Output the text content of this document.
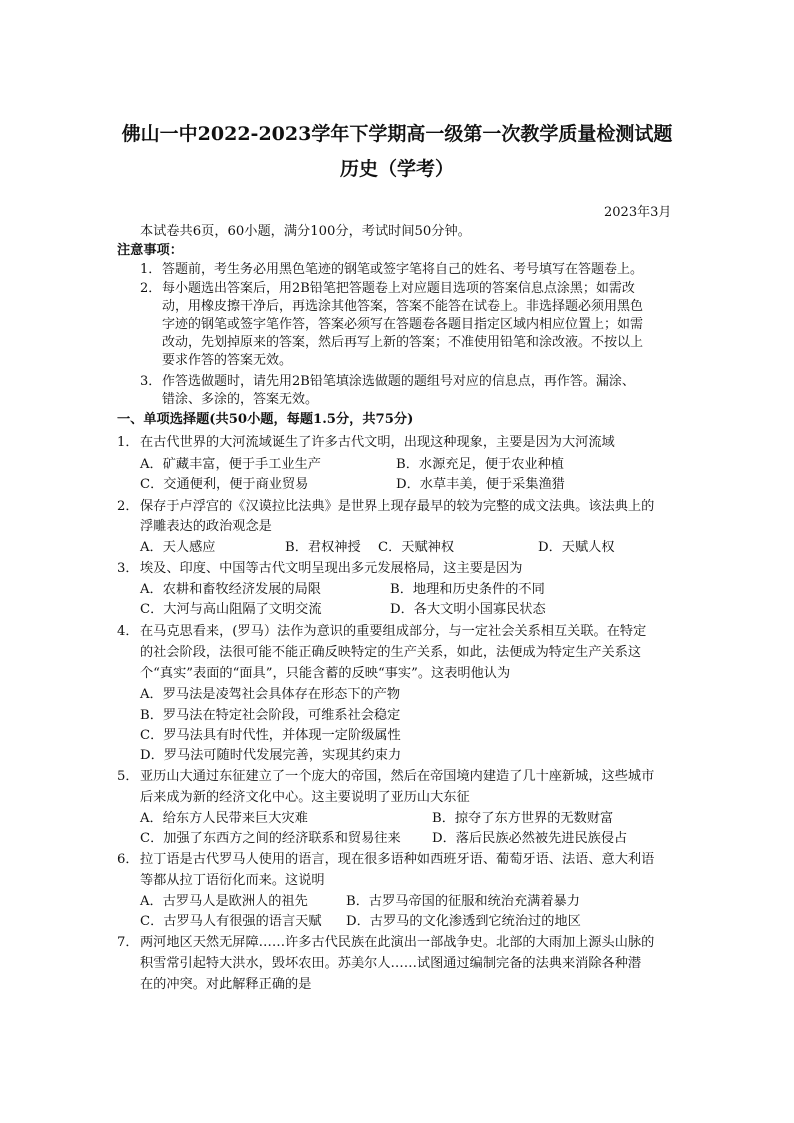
佛山一中2022-2023学年下学期高一级第一次教学质量检测试题
历史（学考）
2023年3月
本试卷共6页，60小题，满分100分，考试时间50分钟。
注意事项：
1． 答题前，考生务必用黑色笔迹的钢笔或签字笔将自己的姓名、考号填写在答题卷上。
2． 每小题选出答案后，用2B铅笔把答题卷上对应题目选项的答案信息点涂黑；如需改
动，用橡皮擦干净后，再选涂其他答案，答案不能答在试卷上。非选择题必须用黑色
字迹的钢笔或签字笔作答，答案必须写在答题卷各题目指定区域内相应位置上；如需
改动，先划掉原来的答案，然后再写上新的答案；不准使用铅笔和涂改液。不按以上
要求作答的答案无效。
3． 作答选做题时，请先用2B铅笔填涂选做题的题组号对应的信息点，再作答。漏涂、
错涂、多涂的，答案无效。
一、单项选择题(共50小题，每题1.5分，共75分)
1． 在古代世界的大河流域诞生了许多古代文明，出现这种现象，主要是因为大河流域
A．矿藏丰富，便于手工业生产	B．水源充足，便于农业种植
C．交通便利，便于商业贸易	D．水草丰美，便于采集渔猎
2． 保存于卢浮宫的《汉谟拉比法典》是世界上现存最早的较为完整的成文法典。该法典上的
浮雕表达的政治观念是
A．天人感应	B．君权神授 C．天赋神权	D．天赋人权
3． 埃及、印度、中国等古代文明呈现出多元发展格局，这主要是因为
A．农耕和畜牧经济发展的局限	B．地理和历史条件的不同
C．大河与高山阻隔了文明交流	D．各大文明小国寡民状态
4． 在马克思看来，(罗马）法作为意识的重要组成部分，与一定社会关系相互关联。在特定
的社会阶段，法很可能不能正确反映特定的生产关系，如此，法便成为特定生产关系这
个“真实”表面的“面具”，只能含蓄的反映“事实”。这表明他认为
A．罗马法是凌驾社会具体存在形态下的产物
B．罗马法在特定社会阶段，可维系社会稳定
C．罗马法具有时代性，并体现一定阶级属性
D．罗马法可随时代发展完善，实现其约束力
5． 亚历山大通过东征建立了一个庞大的帝国，然后在帝国境内建造了几十座新城，这些城市
后来成为新的经济文化中心。这主要说明了亚历山大东征
A．给东方人民带来巨大灾难	B．掠夺了东方世界的无数财富
C．加强了东西方之间的经济联系和贸易往来 D．落后民族必然被先进民族侵占
6． 拉丁语是古代罗马人使用的语言，现在很多语种如西班牙语、葡萄牙语、法语、意大利语
等都从拉丁语衍化而来。这说明
A．古罗马人是欧洲人的祖先	B．古罗马帝国的征服和统治充满着暴力
C．古罗马人有很强的语言天赋 D．古罗马的文化渗透到它统治过的地区
7． 两河地区天然无屏障……许多古代民族在此演出一部战争史。北部的大雨加上源头山脉的
积雪常引起特大洪水，毁坏农田。苏美尔人……试图通过编制完备的法典来消除各种潜
在的冲突。对此解释正确的是
